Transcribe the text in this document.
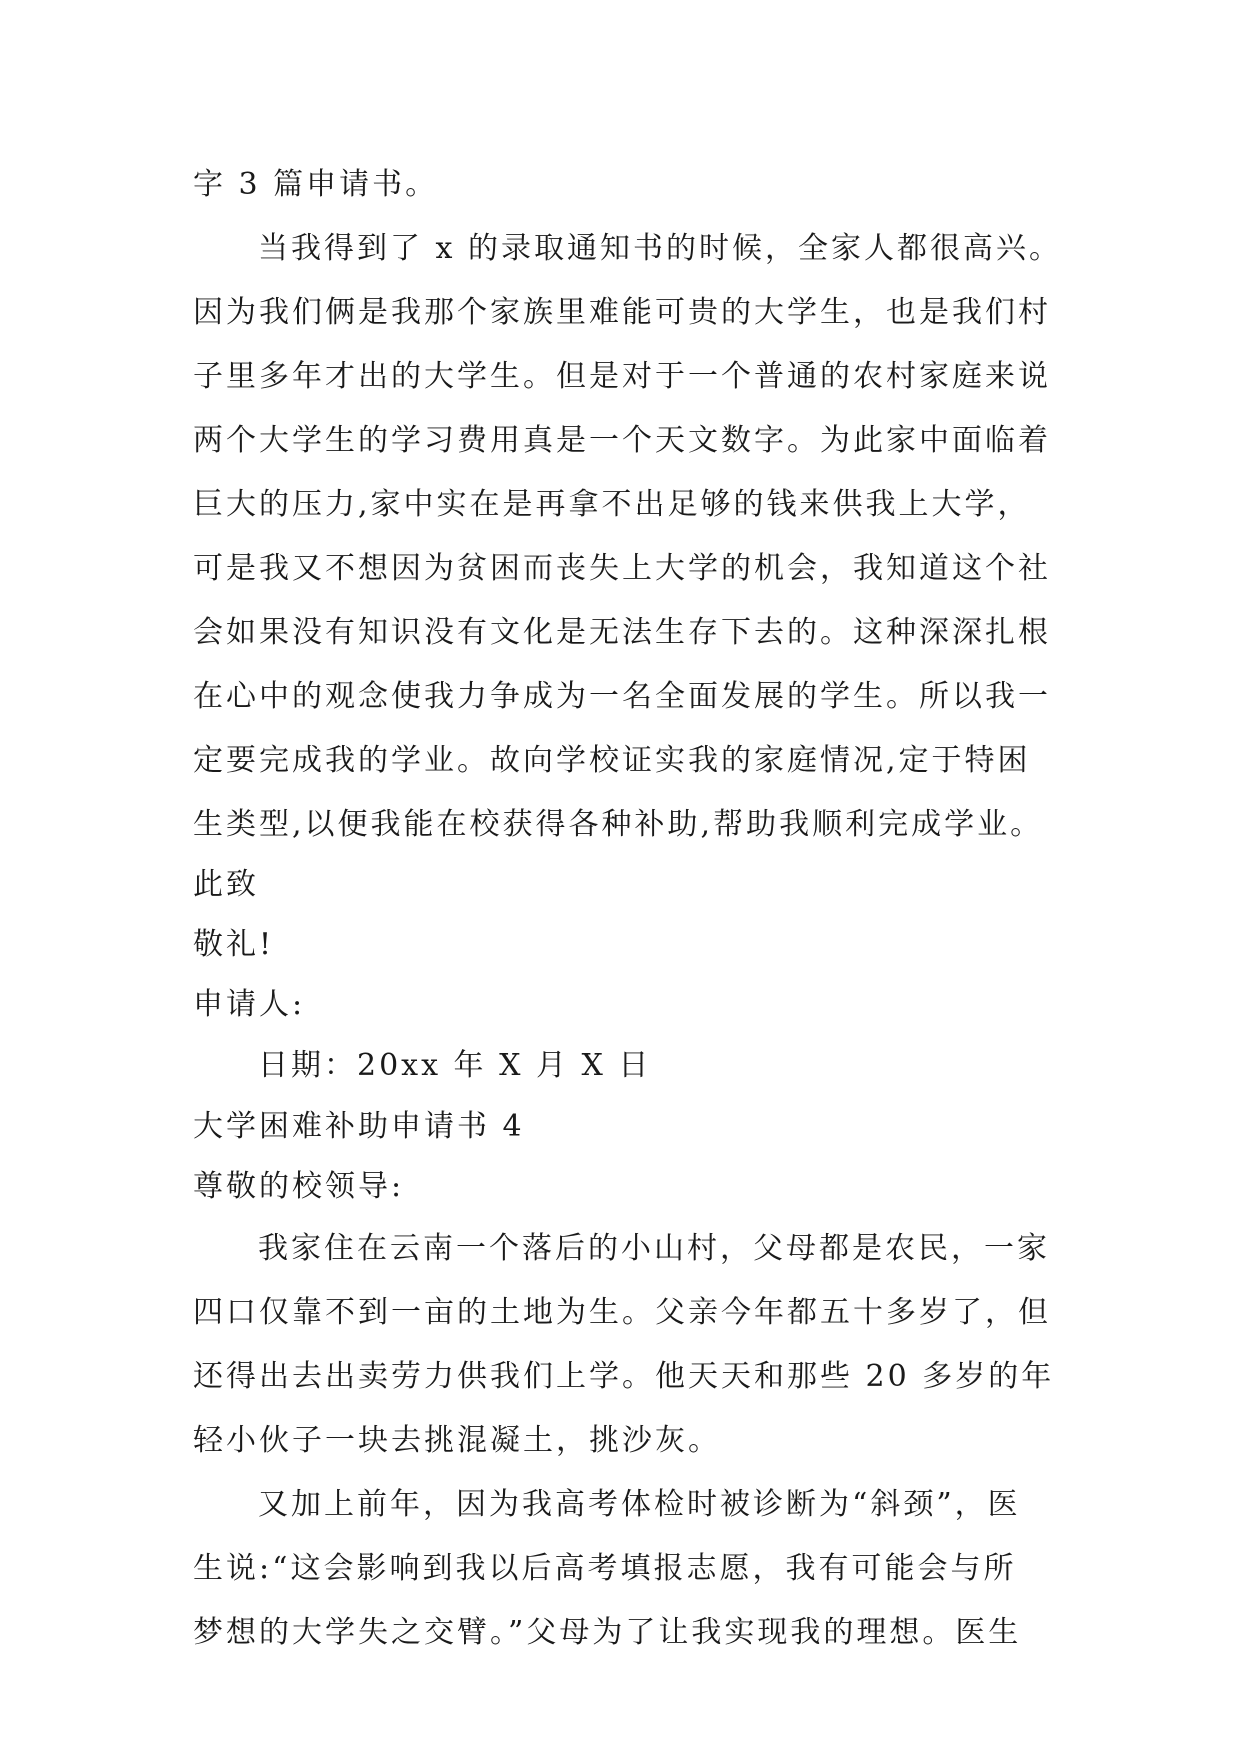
字 3 篇申请书。
当我得到了 x 的录取通知书的时候，全家人都很高兴。
因为我们俩是我那个家族里难能可贵的大学生，也是我们村
子里多年才出的大学生。但是对于一个普通的农村家庭来说
两个大学生的学习费用真是一个天文数字。为此家中面临着
巨大的压力,家中实在是再拿不出足够的钱来供我上大学，
可是我又不想因为贫困而丧失上大学的机会，我知道这个社
会如果没有知识没有文化是无法生存下去的。这种深深扎根
在心中的观念使我力争成为一名全面发展的学生。所以我一
定要完成我的学业。故向学校证实我的家庭情况,定于特困
生类型,以便我能在校获得各种补助,帮助我顺利完成学业。
此致
敬礼!
申请人:
日期：20xx 年 X 月 X 日
大学困难补助申请书 4
尊敬的校领导:
我家住在云南一个落后的小山村，父母都是农民，一家
四口仅靠不到一亩的土地为生。父亲今年都五十多岁了，但
还得出去出卖劳力供我们上学。他天天和那些 20 多岁的年
轻小伙子一块去挑混凝土，挑沙灰。
又加上前年，因为我高考体检时被诊断为“斜颈”，医
生说:“这会影响到我以后高考填报志愿，我有可能会与所
梦想的大学失之交臂。”父母为了让我实现我的理想。医生
